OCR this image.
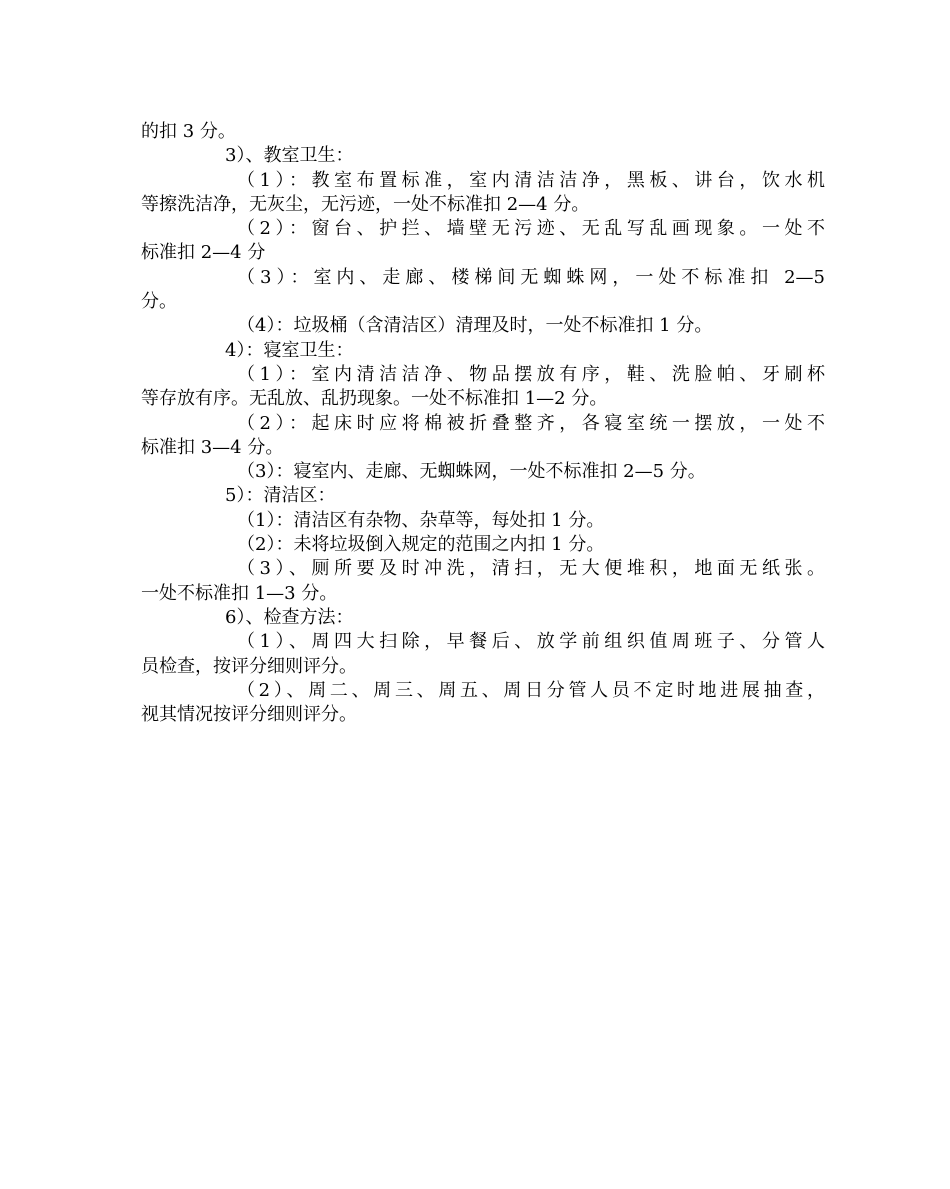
的扣 3 分。
3）、教室卫生：
（1）：教室布置标准，室内清洁洁净，黑板、讲台，饮水机
等擦洗洁净，无灰尘，无污迹，一处不标准扣 2—4 分。
（2）：窗台、护拦、墙壁无污迹、无乱写乱画现象。一处不
标准扣 2—4 分
（3）：室内、走廊、楼梯间无蜘蛛网，一处不标准扣 2—5
分。
（4）：垃圾桶（含清洁区）清理及时，一处不标准扣 1 分。
4）：寝室卫生：
（1）：室内清洁洁净、物品摆放有序，鞋、洗脸帕、牙刷杯
等存放有序。无乱放、乱扔现象。一处不标准扣 1—2 分。
（2）：起床时应将棉被折叠整齐，各寝室统一摆放，一处不
标准扣 3—4 分。
（3）：寝室内、走廊、无蜘蛛网，一处不标准扣 2—5 分。
5）：清洁区：
（1）：清洁区有杂物、杂草等，每处扣 1 分。
（2）：未将垃圾倒入规定的范围之内扣 1 分。
（3）、厕所要及时冲洗，清扫，无大便堆积，地面无纸张。
一处不标准扣 1—3 分。
6）、检查方法：
（1）、周四大扫除，早餐后、放学前组织值周班子、分管人
员检查，按评分细则评分。
（2）、周二、周三、周五、周日分管人员不定时地进展抽查，
视其情况按评分细则评分。
